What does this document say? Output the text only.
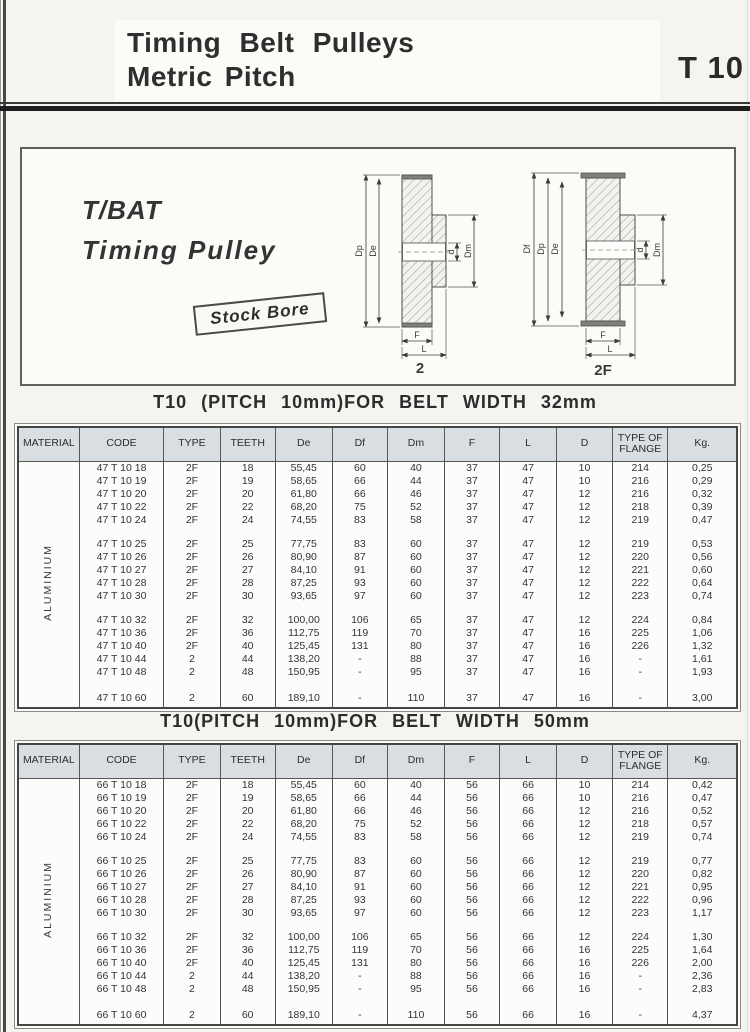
Timing Belt Pulleys
Metric Pitch	T 10
T/BAT
Timing Pulley
Stock Bore
Dp De	d Dm
F
L
2
Df Dp De	d Dm
F
L
2F
T10 (PITCH 10mm)FOR BELT WIDTH 32mm
MATERIAL	CODE	TYPE	TEETH	De	Df	Dm	F	L	D	TYPE OF FLANGE	Kg.
ALUMINIUM	47 T 10 18	2F	18	55,45	60	40	37	47	10	214	0,25
	47 T 10 19	2F	19	58,65	66	44	37	47	10	216	0,29
	47 T 10 20	2F	20	61,80	66	46	37	47	12	216	0,32
	47 T 10 22	2F	22	68,20	75	52	37	47	12	218	0,39
	47 T 10 24	2F	24	74,55	83	58	37	47	12	219	0,47

	47 T 10 25	2F	25	77,75	83	60	37	47	12	219	0,53
	47 T 10 26	2F	26	80,90	87	60	37	47	12	220	0,56
	47 T 10 27	2F	27	84,10	91	60	37	47	12	221	0,60
	47 T 10 28	2F	28	87,25	93	60	37	47	12	222	0,64
	47 T 10 30	2F	30	93,65	97	60	37	47	12	223	0,74

	47 T 10 32	2F	32	100,00	106	65	37	47	12	224	0,84
	47 T 10 36	2F	36	112,75	119	70	37	47	16	225	1,06
	47 T 10 40	2F	40	125,45	131	80	37	47	16	226	1,32
	47 T 10 44	2	44	138,20	-	88	37	47	16	-	1,61
	47 T 10 48	2	48	150,95	-	95	37	47	16	-	1,93

	47 T 10 60	2	60	189,10	-	110	37	47	16	-	3,00
T10(PITCH 10mm)FOR BELT WIDTH 50mm
MATERIAL	CODE	TYPE	TEETH	De	Df	Dm	F	L	D	TYPE OF FLANGE	Kg.
ALUMINIUM	66 T 10 18	2F	18	55,45	60	40	56	66	10	214	0,42
	66 T 10 19	2F	19	58,65	66	44	56	66	10	216	0,47
	66 T 10 20	2F	20	61,80	66	46	56	66	12	216	0,52
	66 T 10 22	2F	22	68,20	75	52	56	66	12	218	0,57
	66 T 10 24	2F	24	74,55	83	58	56	66	12	219	0,74

	66 T 10 25	2F	25	77,75	83	60	56	66	12	219	0,77
	66 T 10 26	2F	26	80,90	87	60	56	66	12	220	0,82
	66 T 10 27	2F	27	84,10	91	60	56	66	12	221	0,95
	66 T 10 28	2F	28	87,25	93	60	56	66	12	222	0,96
	66 T 10 30	2F	30	93,65	97	60	56	66	12	223	1,17

	66 T 10 32	2F	32	100,00	106	65	56	66	12	224	1,30
	66 T 10 36	2F	36	112,75	119	70	56	66	16	225	1,64
	66 T 10 40	2F	40	125,45	131	80	56	66	16	226	2,00
	66 T 10 44	2	44	138,20	-	88	56	66	16	-	2,36
	66 T 10 48	2	48	150,95	-	95	56	66	16	-	2,83

	66 T 10 60	2	60	189,10	-	110	56	66	16	-	4,37
